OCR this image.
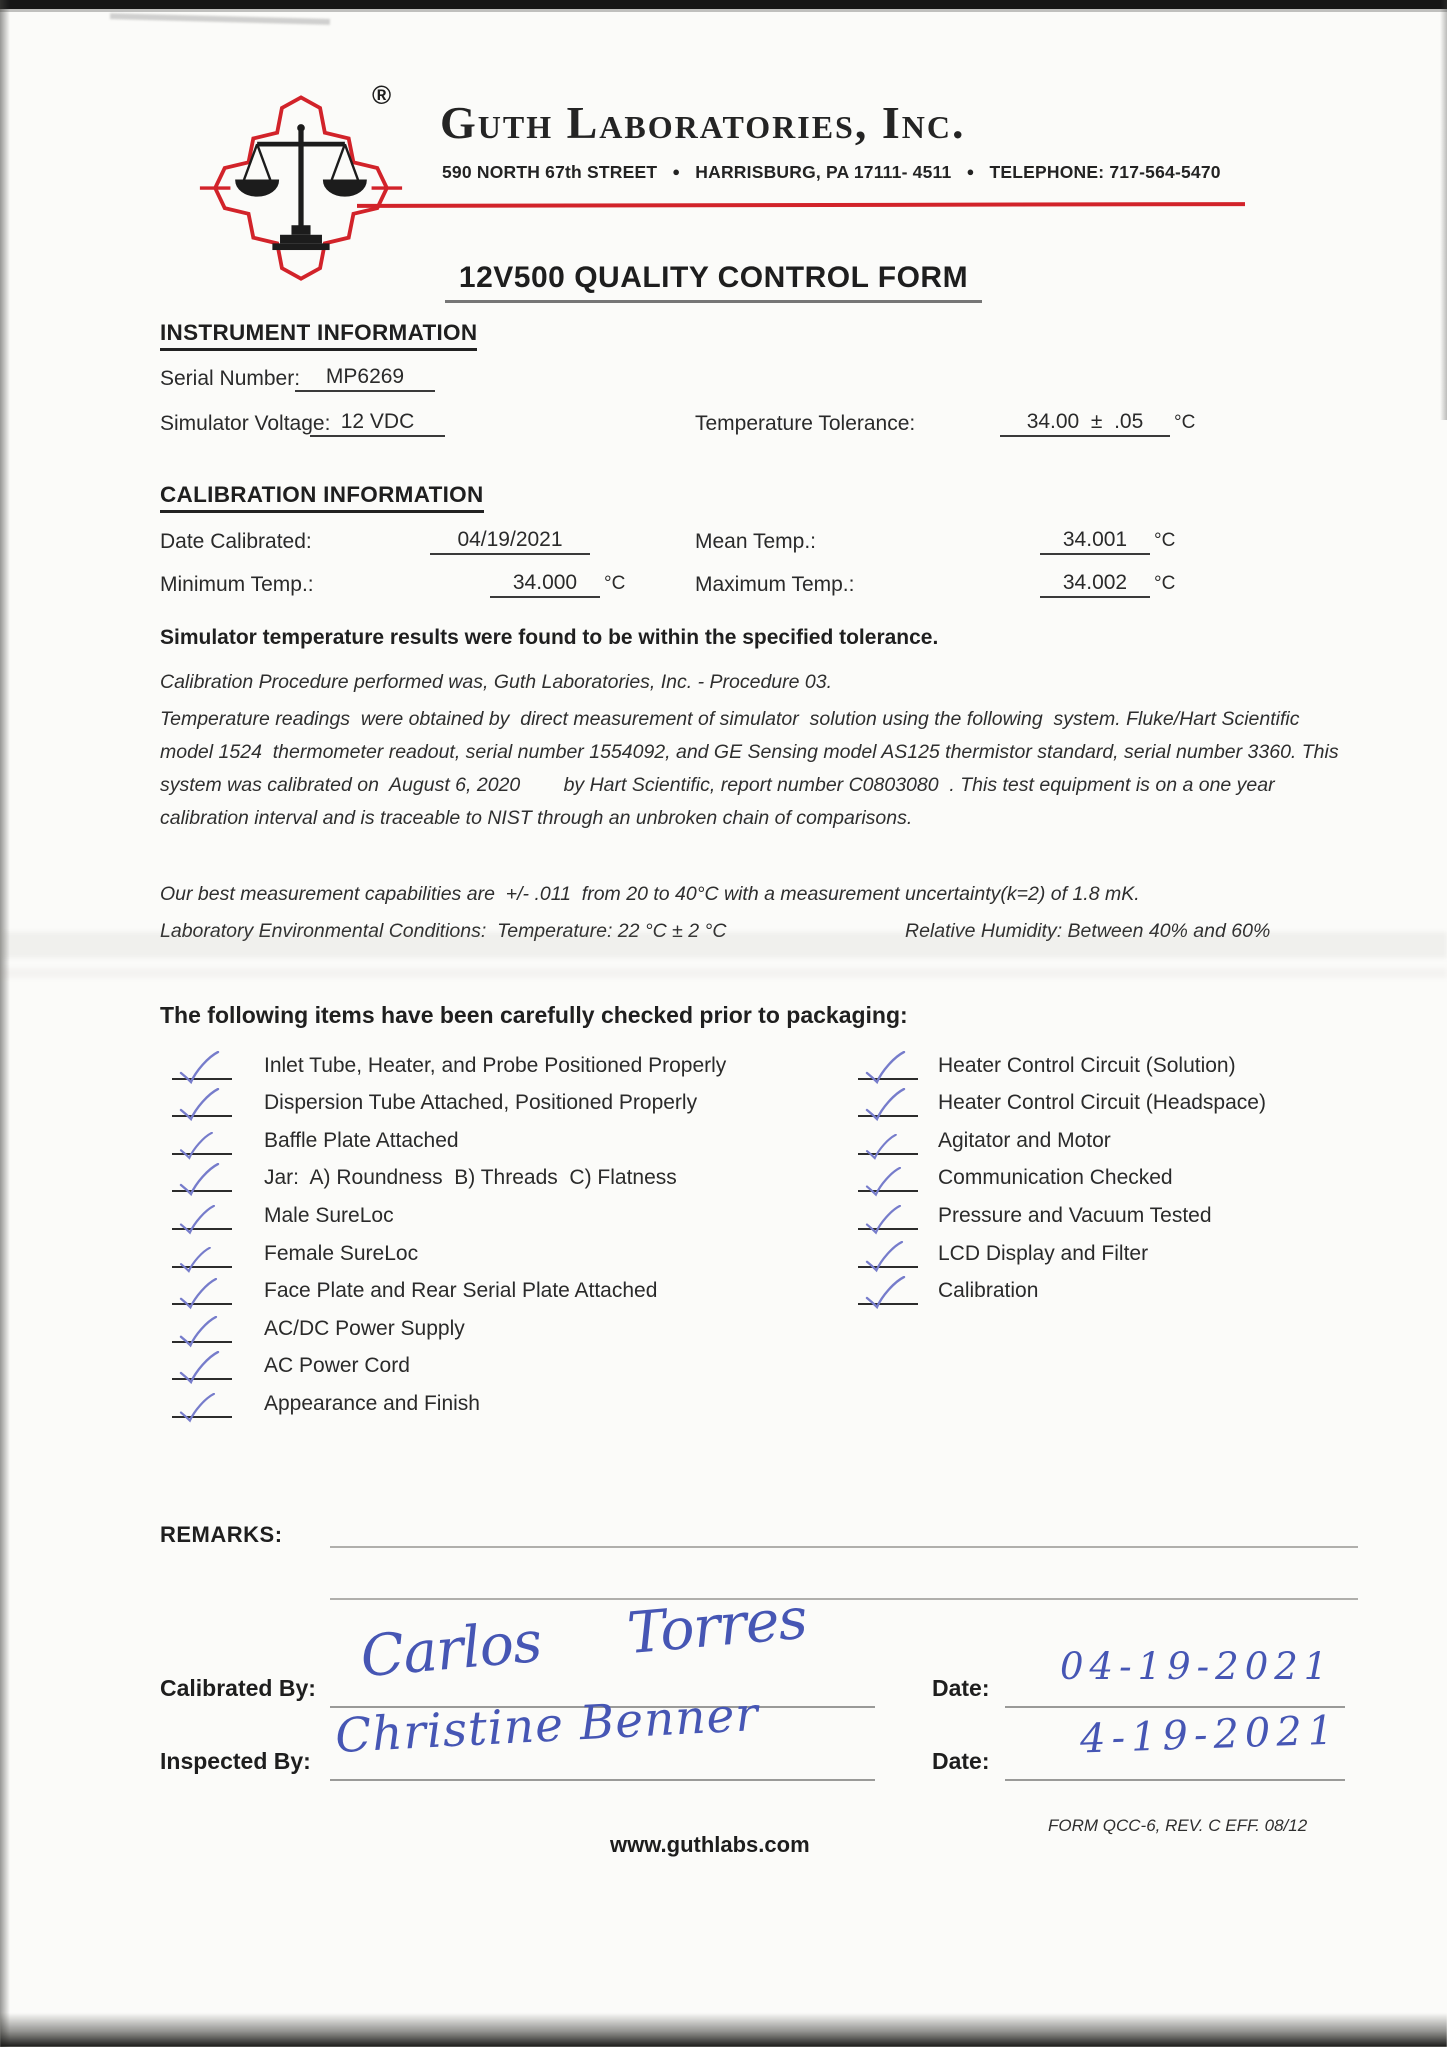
®
Guth Laboratories, Inc.
590 NORTH 67th STREET ● HARRISBURG, PA 17111- 4511 ● TELEPHONE: 717-564-5470
12V500 QUALITY CONTROL FORM
INSTRUMENT INFORMATION
Serial Number:	MP6269
Simulator Voltage: 12 VDC	Temperature Tolerance:	34.00  ±  .05 °C
CALIBRATION INFORMATION
Date Calibrated:	04/19/2021	Mean Temp.:	34.001 °C
Minimum Temp.:	34.000 °C	Maximum Temp.:	34.002 °C
Simulator temperature results were found to be within the specified tolerance.
Calibration Procedure performed was, Guth Laboratories, Inc. - Procedure 03.
Temperature readings  were obtained by  direct measurement of simulator  solution using the following  system. Fluke/Hart Scientific model 1524  thermometer readout, serial number 1554092, and GE Sensing model AS125 thermistor standard, serial number 3360. This system was calibrated on  August 6, 2020        by Hart Scientific, report number C0803080  . This test equipment is on a one year calibration interval and is traceable to NIST through an unbroken chain of comparisons.
Our best measurement capabilities are  +/- .011  from 20 to 40°C with a measurement uncertainty(k=2) of 1.8 mK.
Laboratory Environmental Conditions:  Temperature: 22 °C ± 2 °C	Relative Humidity: Between 40% and 60%
The following items have been carefully checked prior to packaging:
Inlet Tube, Heater, and Probe Positioned Properly
Dispersion Tube Attached, Positioned Properly
Baffle Plate Attached
Jar:  A) Roundness  B) Threads  C) Flatness
Male SureLoc
Female SureLoc
Face Plate and Rear Serial Plate Attached
AC/DC Power Supply
AC Power Cord
Appearance and Finish
Heater Control Circuit (Solution)
Heater Control Circuit (Headspace)
Agitator and Motor
Communication Checked
Pressure and Vacuum Tested
LCD Display and Filter
Calibration
REMARKS:
Calibrated By: Carlos Torres	Date: 04-19-2021
Inspected By: Christine Benner	Date: 4-19-2021
www.guthlabs.com
FORM QCC-6, REV. C EFF. 08/12
